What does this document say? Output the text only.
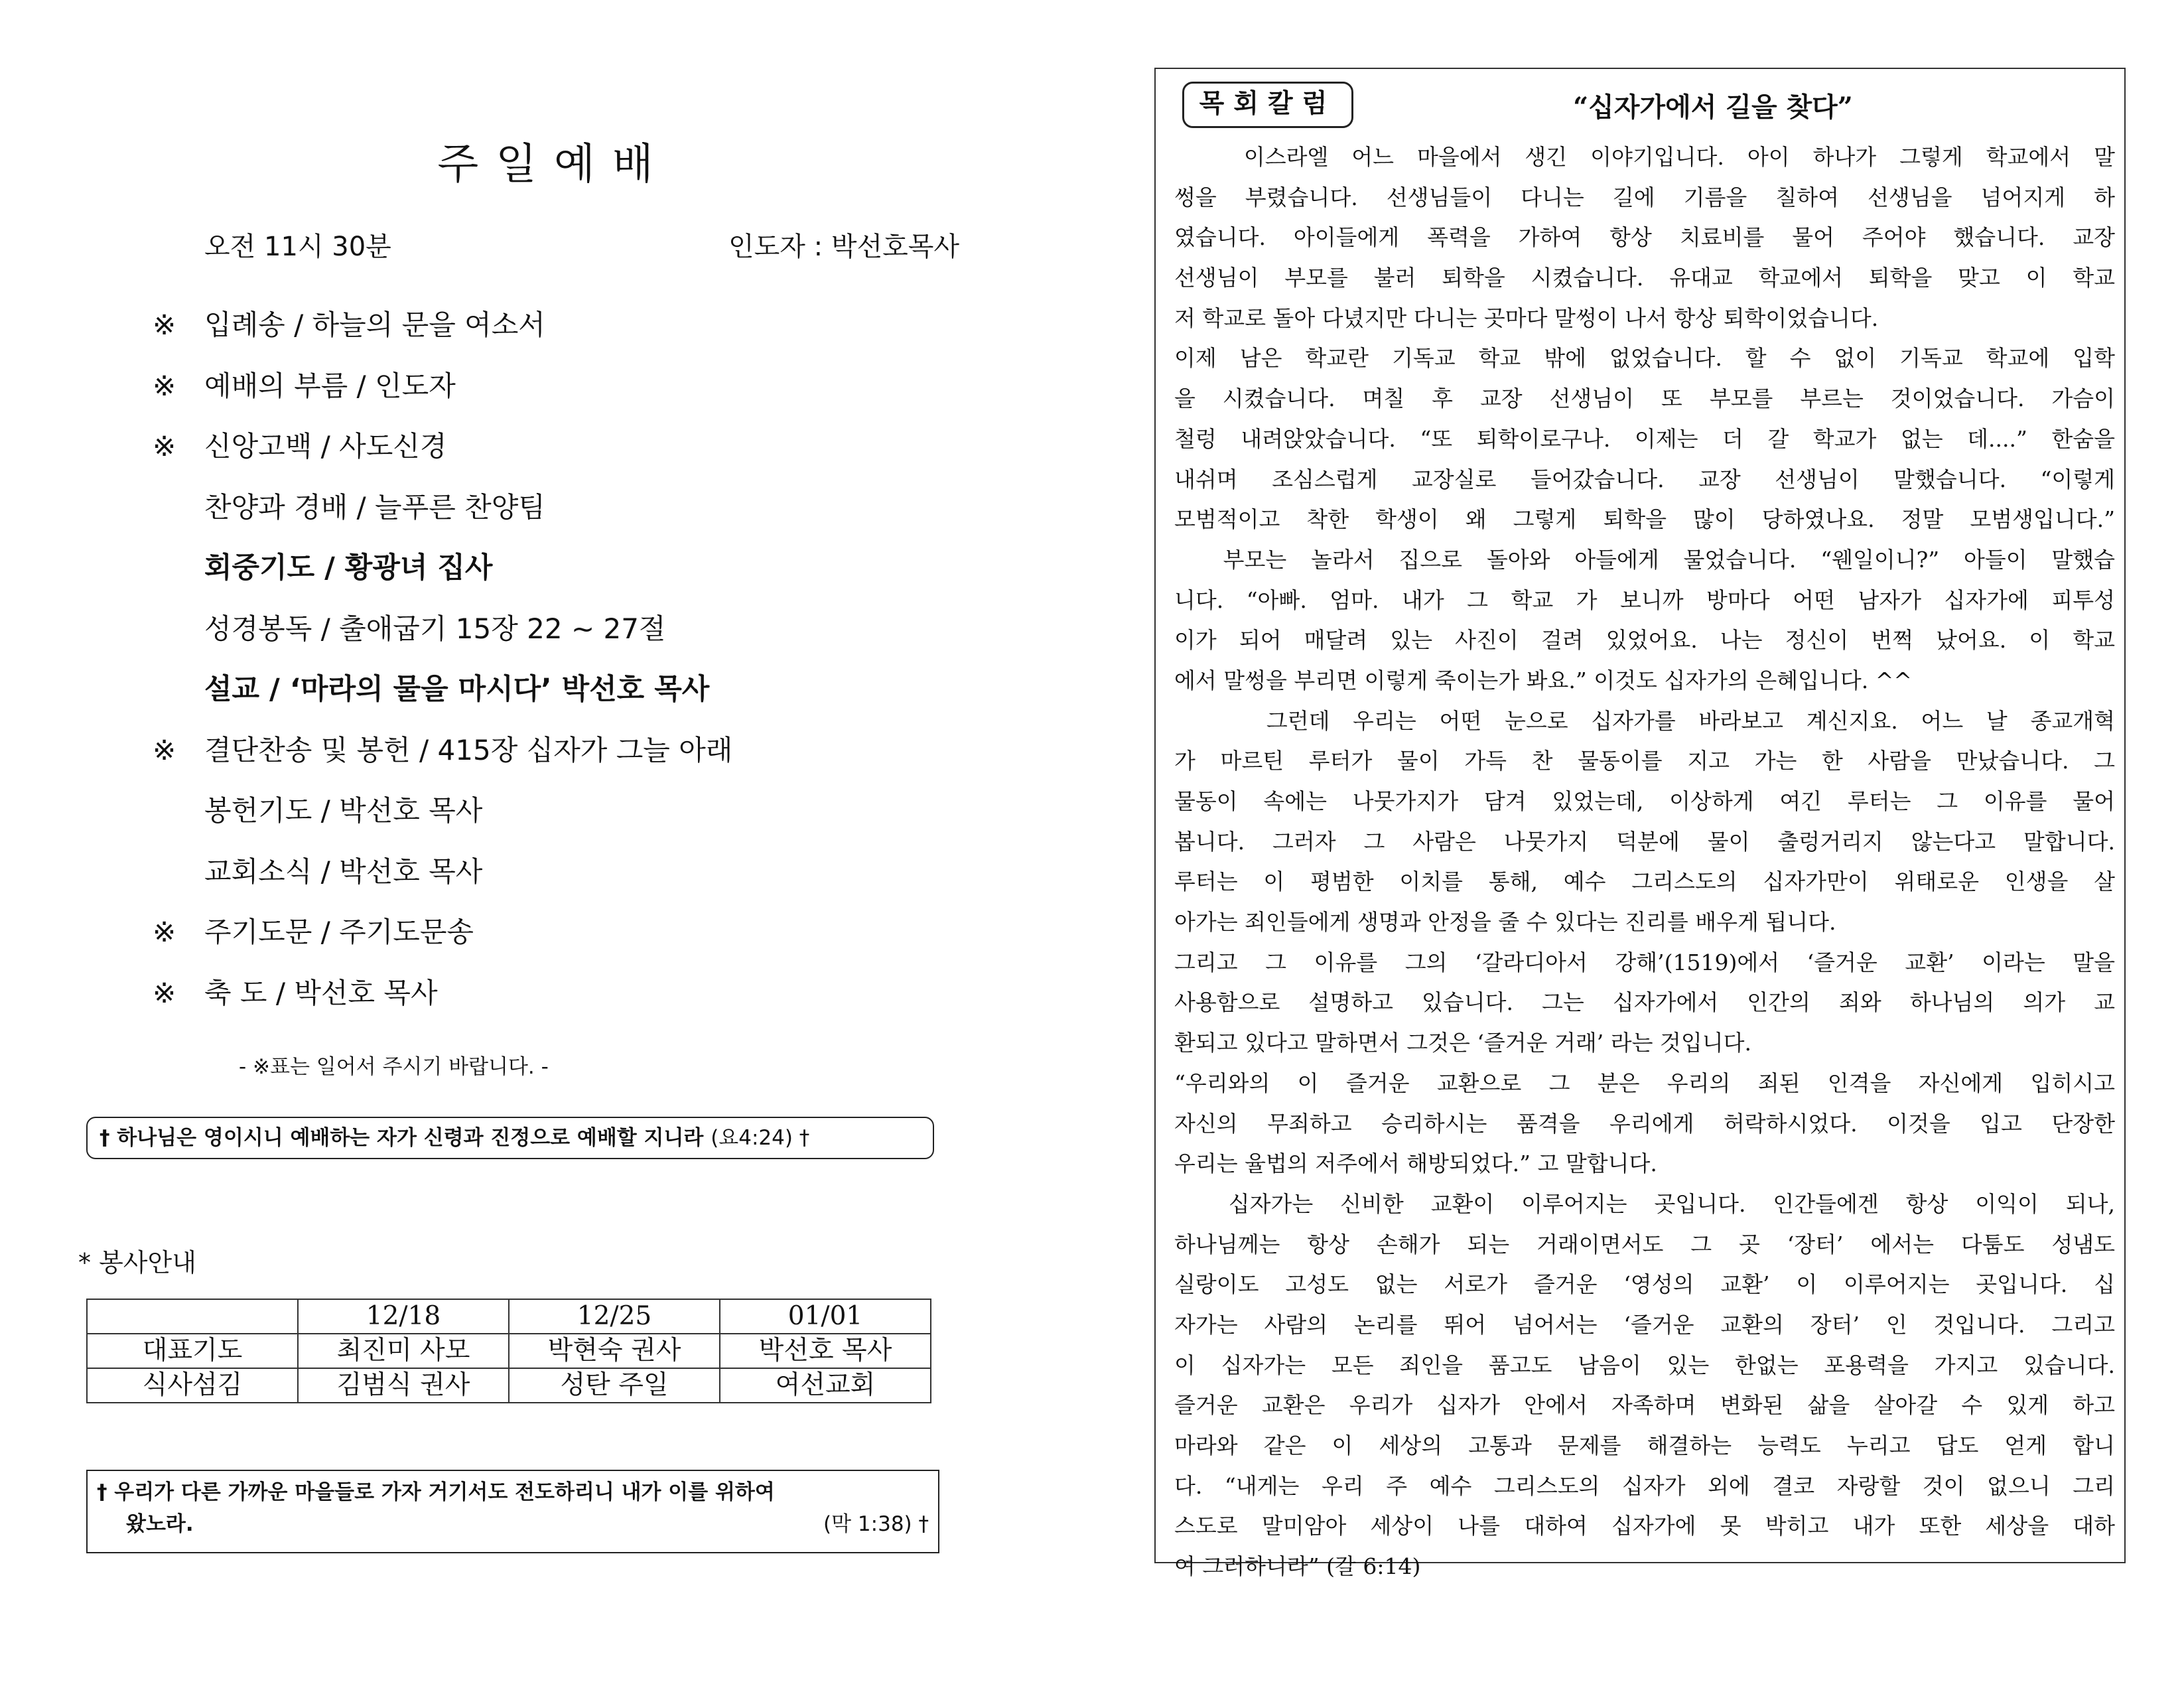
주일예배
오전 11시 30분	인도자 : 박선호목사
※	입례송 / 하늘의 문을 여소서
※	예배의 부름 / 인도자
※	신앙고백 / 사도신경
찬양과 경배 / 늘푸른 찬양팀
회중기도 / 황광녀 집사
성경봉독 / 출애굽기 15장 22 ~ 27절
설교 / ‘마라의 물을 마시다’ 박선호 목사
※	결단찬송 및 봉헌 / 415장 십자가 그늘 아래
봉헌기도 / 박선호 목사
교회소식 / 박선호 목사
※	주기도문 / 주기도문송
※	축 도 / 박선호 목사
- ※표는 일어서 주시기 바랍니다. -
† 하나님은 영이시니 예배하는 자가 신령과 진정으로 예배할 지니라 (요4:24) †
* 봉사안내
	12/18	12/25	01/01
대표기도	최진미 사모	박현숙 권사	박선호 목사
식사섬김	김범식 권사	성탄 주일	여선교회
† 우리가 다른 가까운 마을들로 가자 거기서도 전도하리니 내가 이를 위하여
왔노라.	(막 1:38) †
목회칼럼	“십자가에서 길을 찾다”
이스라엘 어느 마을에서 생긴 이야기입니다. 아이 하나가 그렇게 학교에서 말
썽을 부렸습니다. 선생님들이 다니는 길에 기름을 칠하여 선생님을 넘어지게 하
였습니다. 아이들에게 폭력을 가하여 항상 치료비를 물어 주어야 했습니다. 교장
선생님이 부모를 불러 퇴학을 시켰습니다. 유대교 학교에서 퇴학을 맞고 이 학교
저 학교로 돌아 다녔지만 다니는 곳마다 말썽이 나서 항상 퇴학이었습니다.
이제 남은 학교란 기독교 학교 밖에 없었습니다. 할 수 없이 기독교 학교에 입학
을 시켰습니다. 며칠 후 교장 선생님이 또 부모를 부르는 것이었습니다. 가슴이
철렁 내려앉았습니다. “또 퇴학이로구나. 이제는 더 갈 학교가 없는 데....” 한숨을
내쉬며 조심스럽게 교장실로 들어갔습니다. 교장 선생님이 말했습니다. “이렇게
모범적이고 착한 학생이 왜 그렇게 퇴학을 많이 당하였나요. 정말 모범생입니다.”
부모는 놀라서 집으로 돌아와 아들에게 물었습니다. “웬일이니?” 아들이 말했습
니다. “아빠. 엄마. 내가 그 학교 가 보니까 방마다 어떤 남자가 십자가에 피투성
이가 되어 매달려 있는 사진이 걸려 있었어요. 나는 정신이 번쩍 났어요. 이 학교
에서 말썽을 부리면 이렇게 죽이는가 봐요.” 이것도 십자가의 은혜입니다. ^^
그런데 우리는 어떤 눈으로 십자가를 바라보고 계신지요. 어느 날 종교개혁
가 마르틴 루터가 물이 가득 찬 물동이를 지고 가는 한 사람을 만났습니다. 그
물동이 속에는 나뭇가지가 담겨 있었는데, 이상하게 여긴 루터는 그 이유를 물어
봅니다. 그러자 그 사람은 나뭇가지 덕분에 물이 출렁거리지 않는다고 말합니다.
루터는 이 평범한 이치를 통해, 예수 그리스도의 십자가만이 위태로운 인생을 살
아가는 죄인들에게 생명과 안정을 줄 수 있다는 진리를 배우게 됩니다.
그리고 그 이유를 그의 ‘갈라디아서 강해’(1519)에서 ‘즐거운 교환’ 이라는 말을
사용함으로 설명하고 있습니다. 그는 십자가에서 인간의 죄와 하나님의 의가 교
환되고 있다고 말하면서 그것은 ‘즐거운 거래’ 라는 것입니다.
“우리와의 이 즐거운 교환으로 그 분은 우리의 죄된 인격을 자신에게 입히시고
자신의 무죄하고 승리하시는 품격을 우리에게 허락하시었다. 이것을 입고 단장한
우리는 율법의 저주에서 해방되었다.” 고 말합니다.
십자가는 신비한 교환이 이루어지는 곳입니다. 인간들에겐 항상 이익이 되나,
하나님께는 항상 손해가 되는 거래이면서도 그 곳 ‘장터’ 에서는 다툼도 성냄도
실랑이도 고성도 없는 서로가 즐거운 ‘영성의 교환’ 이 이루어지는 곳입니다. 십
자가는 사람의 논리를 뛰어 넘어서는 ‘즐거운 교환의 장터’ 인 것입니다. 그리고
이 십자가는 모든 죄인을 품고도 남음이 있는 한없는 포용력을 가지고 있습니다.
즐거운 교환은 우리가 십자가 안에서 자족하며 변화된 삶을 살아갈 수 있게 하고
마라와 같은 이 세상의 고통과 문제를 해결하는 능력도 누리고 답도 얻게 합니
다. “내게는 우리 주 예수 그리스도의 십자가 외에 결코 자랑할 것이 없으니 그리
스도로 말미암아 세상이 나를 대하여 십자가에 못 박히고 내가 또한 세상을 대하
여 그러하니라” (갈 6:14)
